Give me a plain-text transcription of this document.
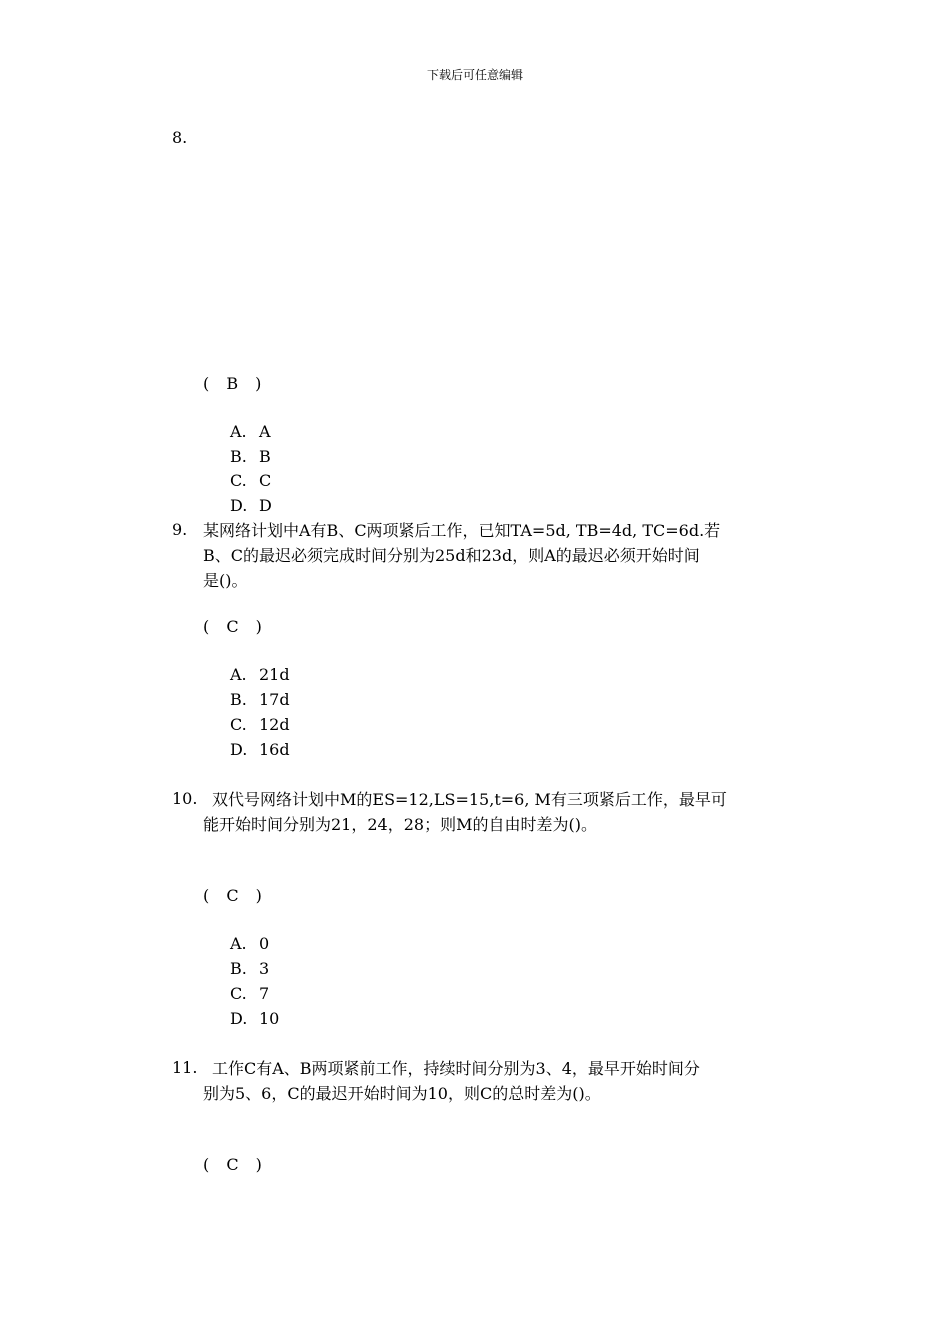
下载后可任意编辑
8.
( B )
A. A
B. B
C. C
D. D
9. 某网络计划中A有B、C两项紧后工作，已知TA=5d, TB=4d, TC=6d.若
B、C的最迟必须完成时间分别为25d和23d，则A的最迟必须开始时间
是()。
( C )
A. 21d
B. 17d
C. 12d
D. 16d
10. 双代号网络计划中M的ES=12,LS=15,t=6, M有三项紧后工作，最早可
能开始时间分别为21，24，28；则M的自由时差为()。
( C )
A. 0
B. 3
C. 7
D. 10
11. 工作C有A、B两项紧前工作，持续时间分别为3、4，最早开始时间分
别为5、6，C的最迟开始时间为10，则C的总时差为()。
( C )
